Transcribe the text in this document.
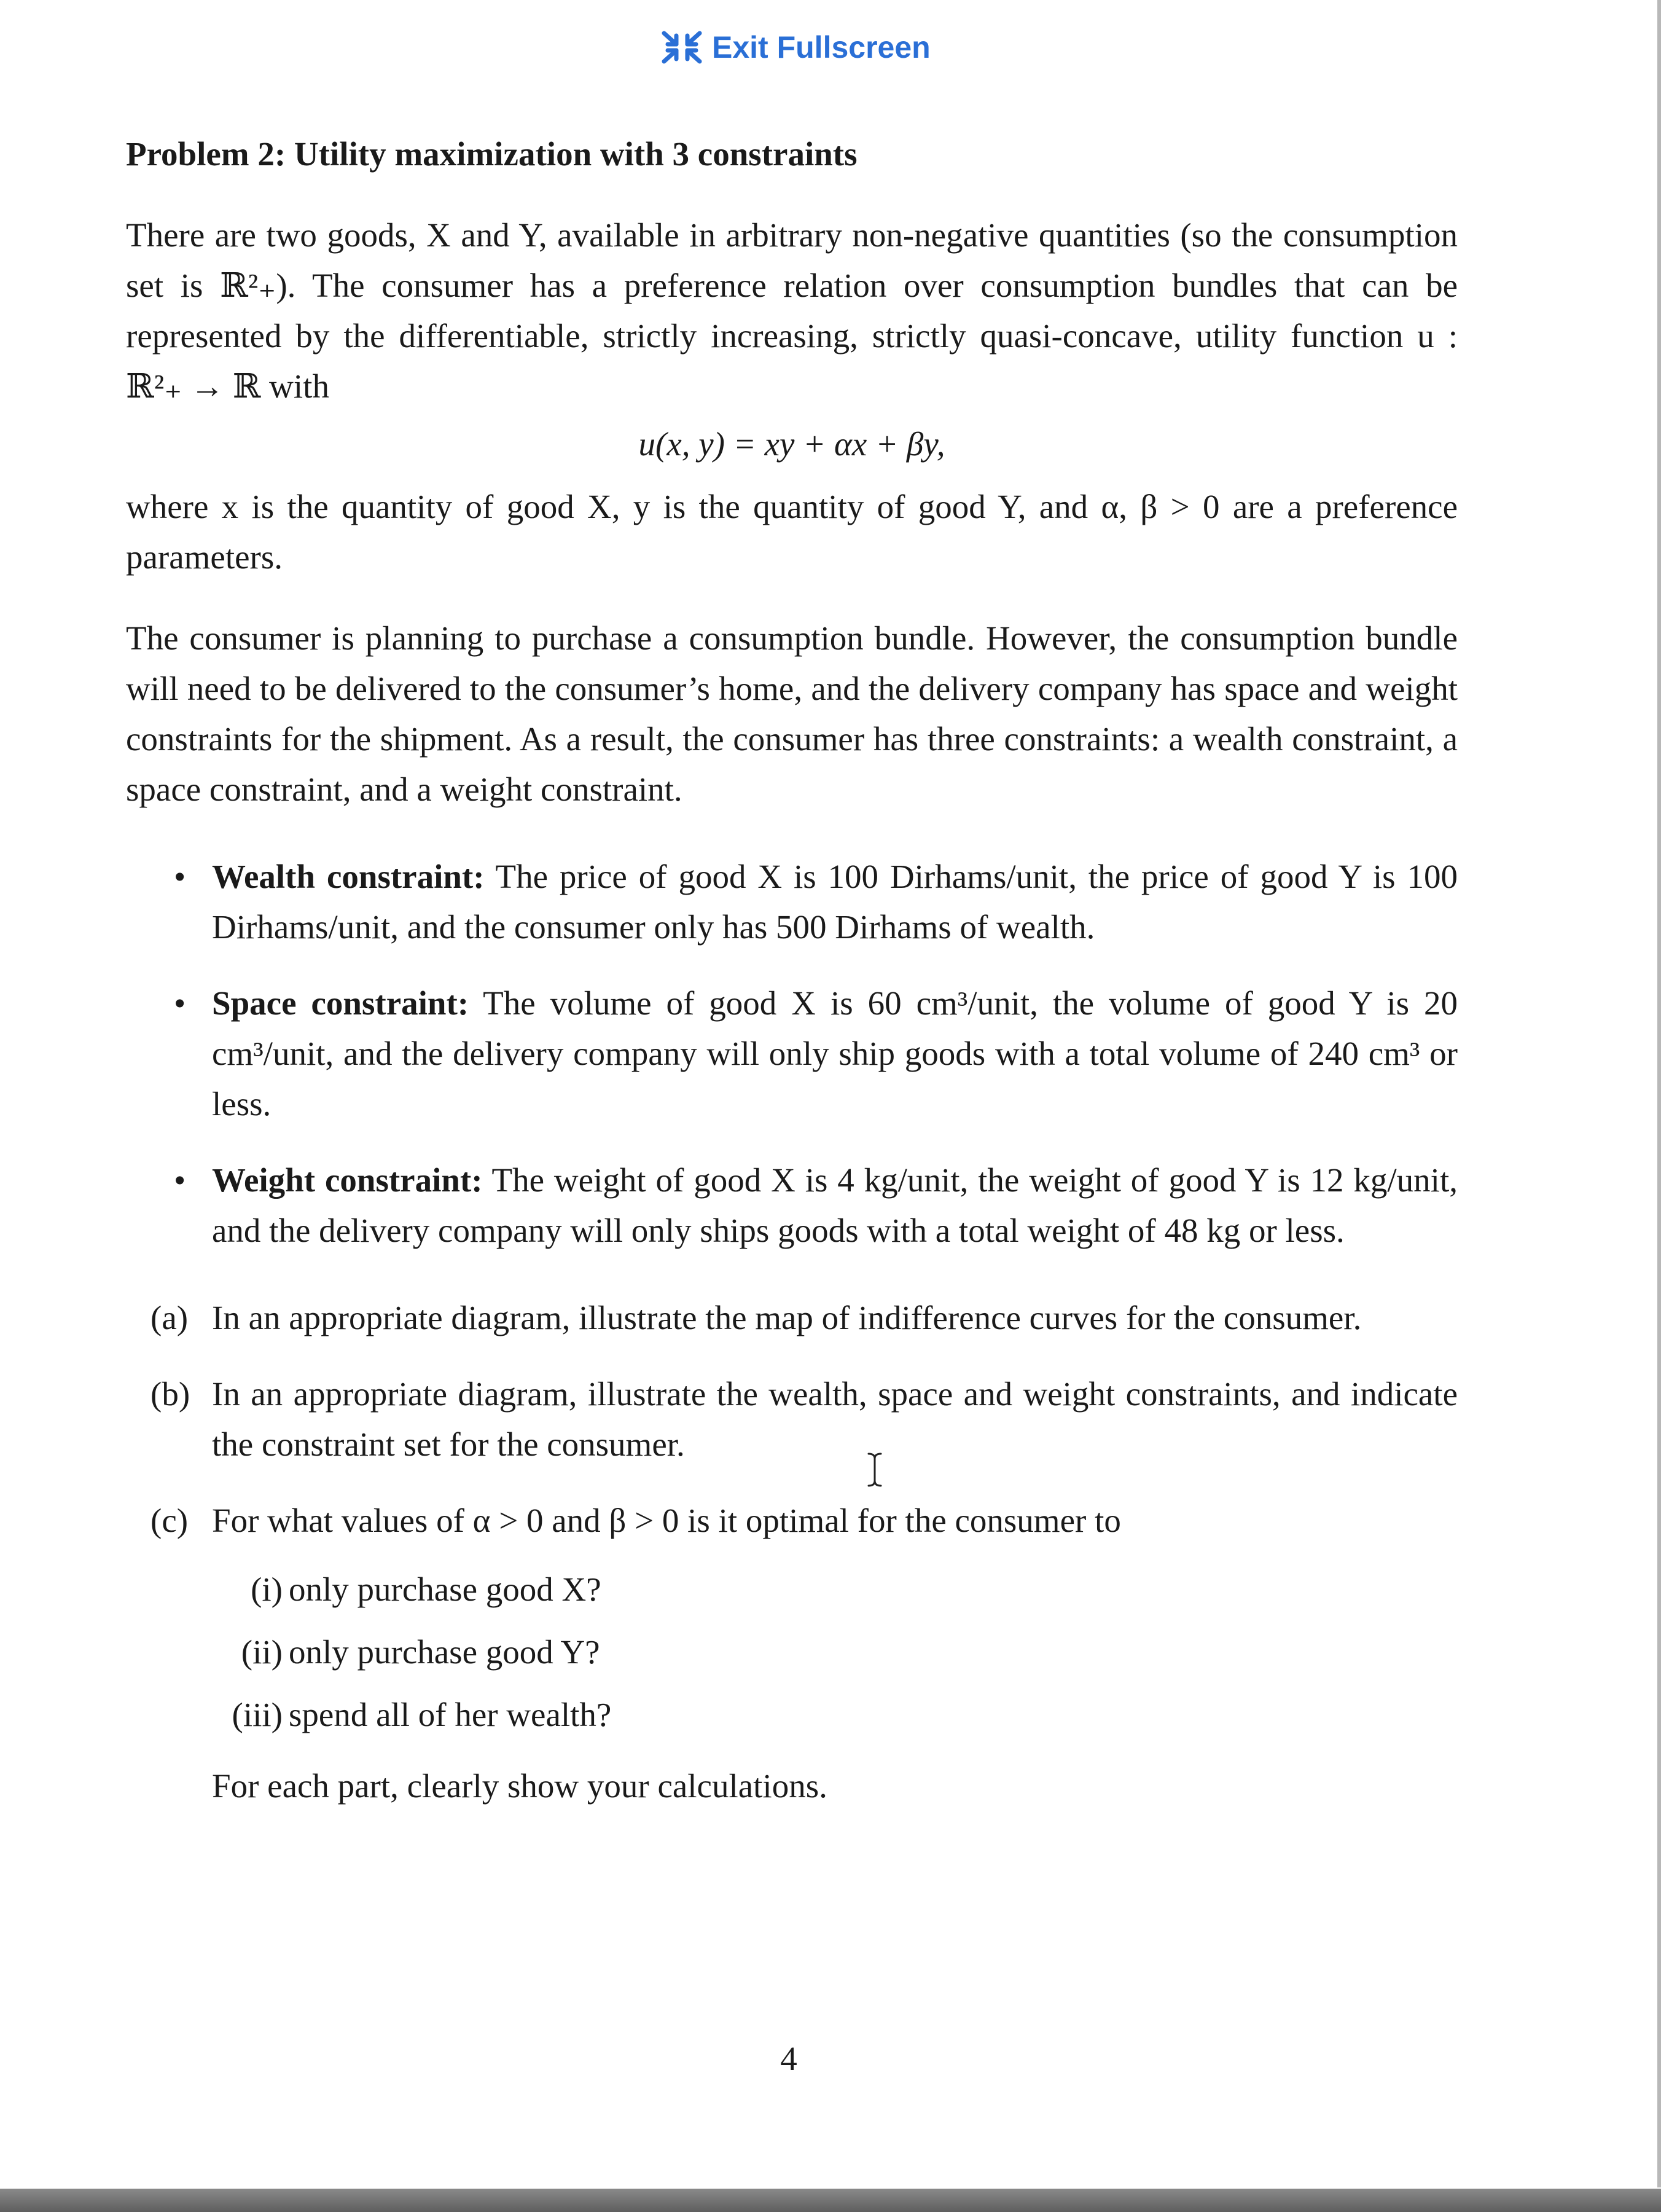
Exit Fullscreen
Problem 2: Utility maximization with 3 constraints

There are two goods, X and Y, available in arbitrary non-negative quantities (so the consumption set is ℝ²₊). The consumer has a preference relation over consumption bundles that can be represented by the differentiable, strictly increasing, strictly quasi-concave, utility function u : ℝ²₊ → ℝ with

u(x, y) = xy + αx + βy,

where x is the quantity of good X, y is the quantity of good Y, and α, β > 0 are a preference parameters.

The consumer is planning to purchase a consumption bundle. However, the consumption bundle will need to be delivered to the consumer’s home, and the delivery company has space and weight constraints for the shipment. As a result, the consumer has three constraints: a wealth constraint, a space constraint, and a weight constraint.

• Wealth constraint: The price of good X is 100 Dirhams/unit, the price of good Y is 100 Dirhams/unit, and the consumer only has 500 Dirhams of wealth.
• Space constraint: The volume of good X is 60 cm³/unit, the volume of good Y is 20 cm³/unit, and the delivery company will only ship goods with a total volume of 240 cm³ or less.
• Weight constraint: The weight of good X is 4 kg/unit, the weight of good Y is 12 kg/unit, and the delivery company will only ships goods with a total weight of 48 kg or less.
(a) In an appropriate diagram, illustrate the map of indifference curves for the consumer.
(b) In an appropriate diagram, illustrate the wealth, space and weight constraints, and indicate the constraint set for the consumer.
(c) For what values of α > 0 and β > 0 is it optimal for the consumer to
(i) only purchase good X?
(ii) only purchase good Y?
(iii) spend all of her wealth?

For each part, clearly show your calculations.

4
